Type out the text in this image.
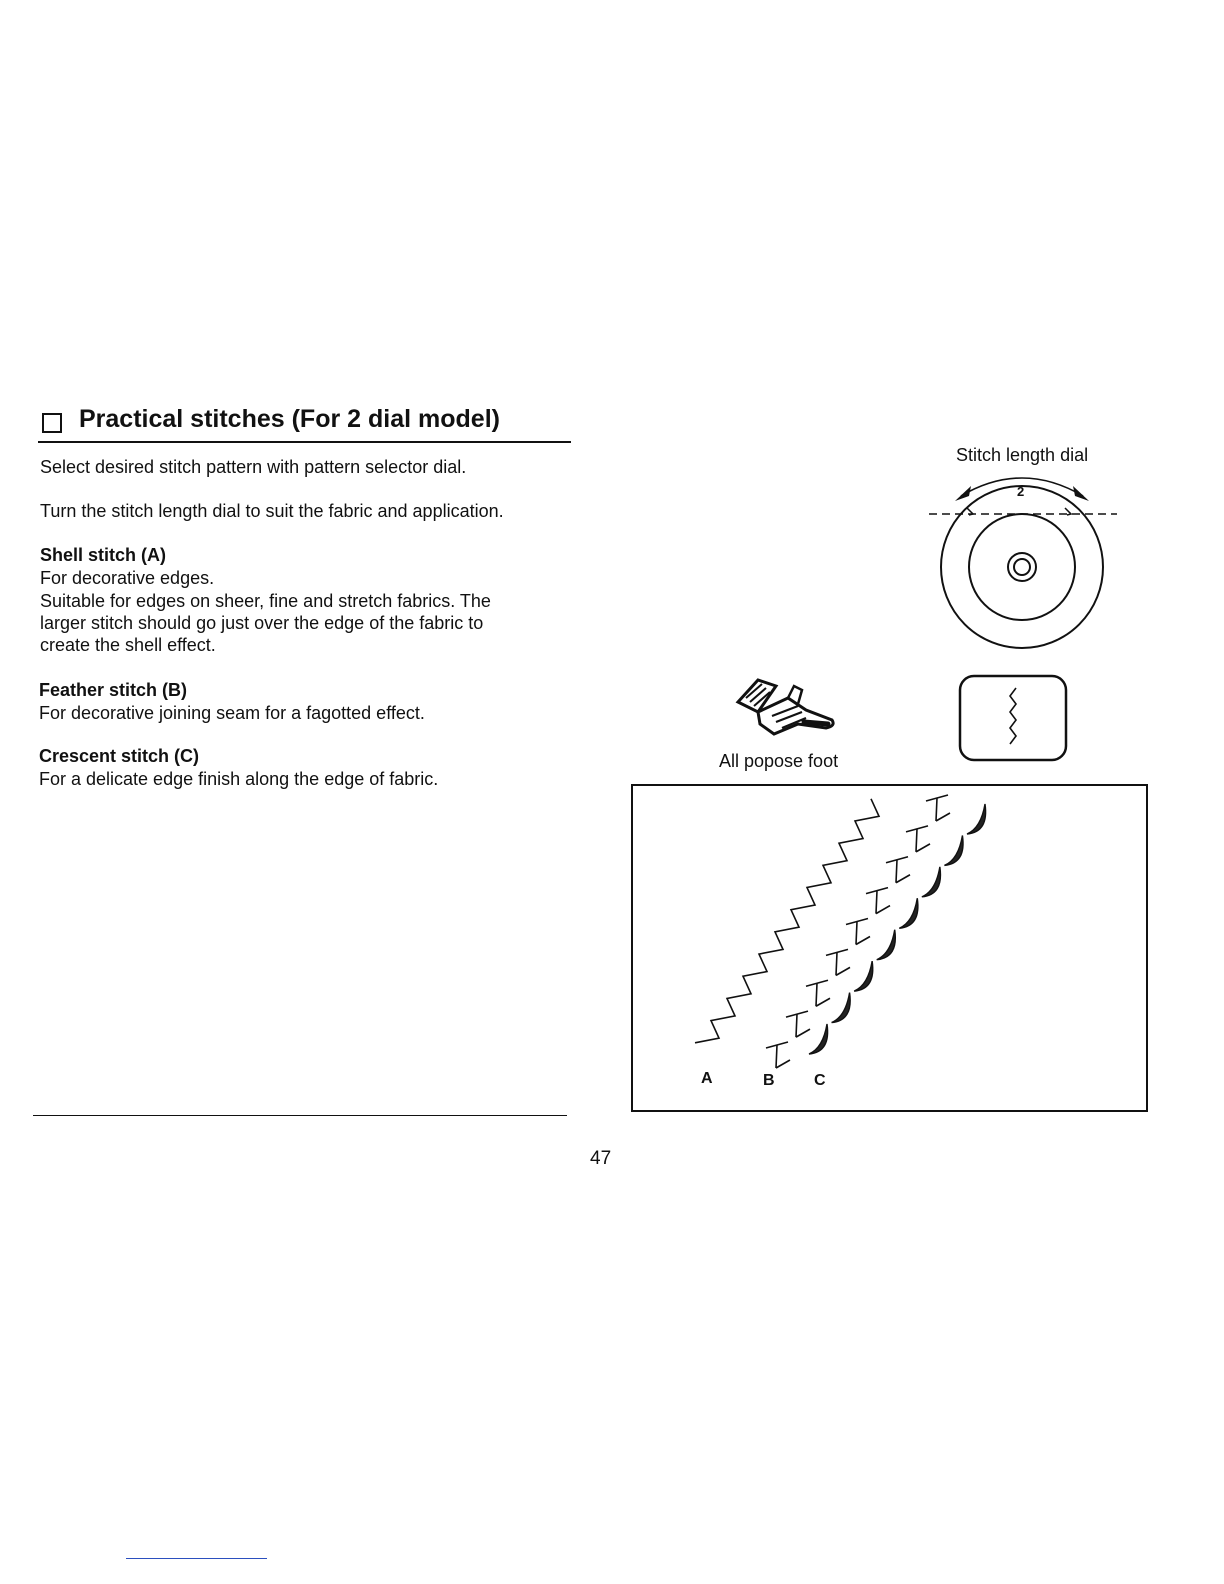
Practical stitches (For 2 dial model)
Select desired stitch pattern with pattern selector dial.
Turn the stitch length dial to suit the fabric and application.
Shell stitch (A)
For decorative edges.
Suitable for edges on sheer, fine and stretch fabrics. The
larger stitch should go just over the edge of the fabric to
create the shell effect.
Feather stitch (B)
For decorative joining seam for a fagotted effect.
Crescent stitch (C)
For a delicate edge finish along the edge of fabric.
Stitch length dial
2
All popose foot
A	B C
47
